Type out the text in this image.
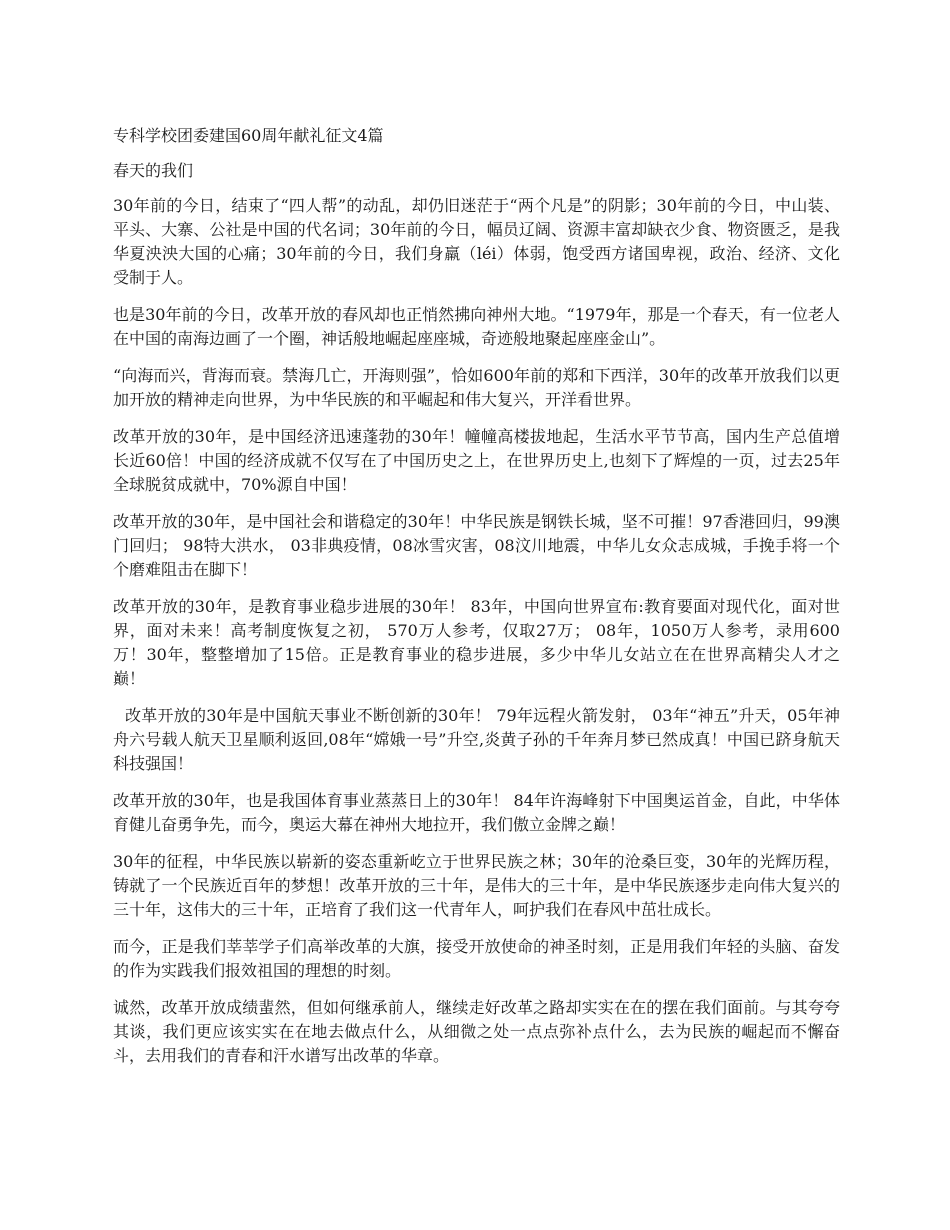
专科学校团委建国60周年献礼征文4篇
春天的我们

30年前的今日，结束了“四人帮”的动乱，却仍旧迷茫于“两个凡是”的阴影；30年前的今日，中山装、平头、大寨、公社是中国的代名词；30年前的今日，幅员辽阔、资源丰富却缺衣少食、物资匮乏，是我华夏泱泱大国的心痛；30年前的今日，我们身羸（léi）体弱，饱受西方诸国卑视，政治、经济、文化受制于人。

也是30年前的今日，改革开放的春风却也正悄然拂向神州大地。“1979年，那是一个春天，有一位老人在中国的南海边画了一个圈，神话般地崛起座座城，奇迹般地聚起座座金山”。

“向海而兴，背海而衰。禁海几亡，开海则强”，恰如600年前的郑和下西洋，30年的改革开放我们以更加开放的精神走向世界，为中华民族的和平崛起和伟大复兴，开洋看世界。

改革开放的30年，是中国经济迅速蓬勃的30年！幢幢高楼拔地起，生活水平节节高，国内生产总值增长近60倍！中国的经济成就不仅写在了中国历史之上，在世界历史上,也刻下了辉煌的一页，过去25年全球脱贫成就中，70%源自中国！

改革开放的30年，是中国社会和谐稳定的30年！中华民族是钢铁长城，坚不可摧！97香港回归，99澳门回归； 98特大洪水， 03非典疫情，08冰雪灾害，08汶川地震，中华儿女众志成城，手挽手将一个个磨难阻击在脚下！

改革开放的30年，是教育事业稳步进展的30年！ 83年，中国向世界宣布:教育要面对现代化，面对世界，面对未来！高考制度恢复之初， 570万人参考，仅取27万； 08年，1050万人参考，录用600万！30年，整整增加了15倍。正是教育事业的稳步进展，多少中华儿女站立在在世界高精尖人才之巅！

改革开放的30年是中国航天事业不断创新的30年！ 79年远程火箭发射， 03年“神五”升天，05年神舟六号载人航天卫星顺利返回,08年“嫦娥一号”升空,炎黄子孙的千年奔月梦已然成真！中国已跻身航天科技强国！

改革开放的30年，也是我国体育事业蒸蒸日上的30年！ 84年许海峰射下中国奥运首金，自此，中华体育健儿奋勇争先，而今，奥运大幕在神州大地拉开，我们傲立金牌之巅！

30年的征程，中华民族以崭新的姿态重新屹立于世界民族之林；30年的沧桑巨变，30年的光辉历程，铸就了一个民族近百年的梦想！改革开放的三十年，是伟大的三十年，是中华民族逐步走向伟大复兴的三十年，这伟大的三十年，正培育了我们这一代青年人，呵护我们在春风中茁壮成长。

而今，正是我们莘莘学子们高举改革的大旗，接受开放使命的神圣时刻，正是用我们年轻的头脑、奋发的作为实践我们报效祖国的理想的时刻。

诚然，改革开放成绩蜚然，但如何继承前人，继续走好改革之路却实实在在的摆在我们面前。与其夸夸其谈，我们更应该实实在在地去做点什么，从细微之处一点点弥补点什么，去为民族的崛起而不懈奋斗，去用我们的青春和汗水谱写出改革的华章。
